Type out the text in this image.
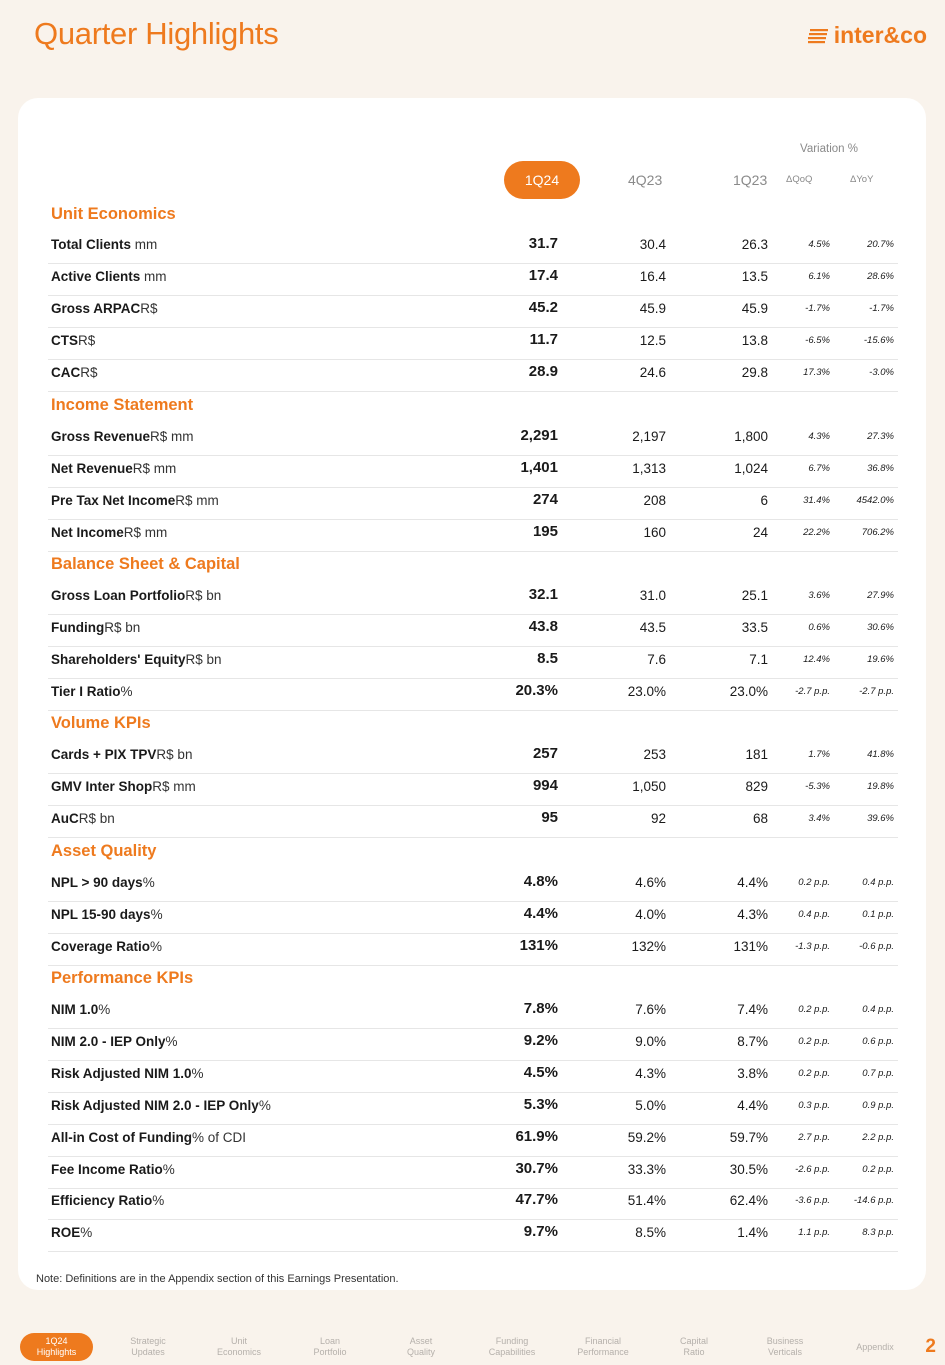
Quarter Highlights	inter&co
Variation %
1Q24	4Q23	1Q23 ΔQoQ	ΔYoY
Unit Economics
Total Clients mm	31.7	30.4	26.3	4.5%	20.7%
Active Clients mm	17.4	16.4	13.5	6.1%	28.6%
Gross ARPACR$	45.2	45.9	45.9	-1.7%	-1.7%
CTSR$	11.7	12.5	13.8	-6.5%	-15.6%
CACR$	28.9	24.6	29.8	17.3%	-3.0%
Income Statement
Gross RevenueR$ mm	2,291	2,197	1,800	4.3%	27.3%
Net RevenueR$ mm	1,401	1,313	1,024	6.7%	36.8%
Pre Tax Net IncomeR$ mm	274	208	6	31.4%	4542.0%
Net IncomeR$ mm	195	160	24	22.2%	706.2%
Balance Sheet & Capital
Gross Loan PortfolioR$ bn	32.1	31.0	25.1	3.6%	27.9%
FundingR$ bn	43.8	43.5	33.5	0.6%	30.6%
Shareholders' EquityR$ bn	8.5	7.6	7.1	12.4%	19.6%
Tier I Ratio%	20.3%	23.0%	23.0%	-2.7 p.p.	-2.7 p.p.
Volume KPIs
Cards + PIX TPVR$ bn	257	253	181	1.7%	41.8%
GMV Inter ShopR$ mm	994	1,050	829	-5.3%	19.8%
AuCR$ bn	95	92	68	3.4%	39.6%
Asset Quality
NPL > 90 days%	4.8%	4.6%	4.4%	0.2 p.p.	0.4 p.p.
NPL 15-90 days%	4.4%	4.0%	4.3%	0.4 p.p.	0.1 p.p.
Coverage Ratio%	131%	132%	131%	-1.3 p.p.	-0.6 p.p.
Performance KPIs
NIM 1.0%	7.8%	7.6%	7.4%	0.2 p.p.	0.4 p.p.
NIM 2.0 - IEP Only%	9.2%	9.0%	8.7%	0.2 p.p.	0.6 p.p.
Risk Adjusted NIM 1.0%	4.5%	4.3%	3.8%	0.2 p.p.	0.7 p.p.
Risk Adjusted NIM 2.0 - IEP Only%	5.3%	5.0%	4.4%	0.3 p.p.	0.9 p.p.
All-in Cost of Funding% of CDI	61.9%	59.2%	59.7%	2.7 p.p.	2.2 p.p.
Fee Income Ratio%	30.7%	33.3%	30.5%	-2.6 p.p.	0.2 p.p.
Efficiency Ratio%	47.7%	51.4%	62.4%	-3.6 p.p.	-14.6 p.p.
ROE%	9.7%	8.5%	1.4%	1.1 p.p.	8.3 p.p.
Note: Definitions are in the Appendix section of this Earnings Presentation.
1Q24
Highlights
Strategic
Updates
Unit
Economics
Loan
Portfolio
Asset
Quality
Funding
Capabilities
Financial
Performance
Capital
Ratio
Business
Verticals
Appendix 2
